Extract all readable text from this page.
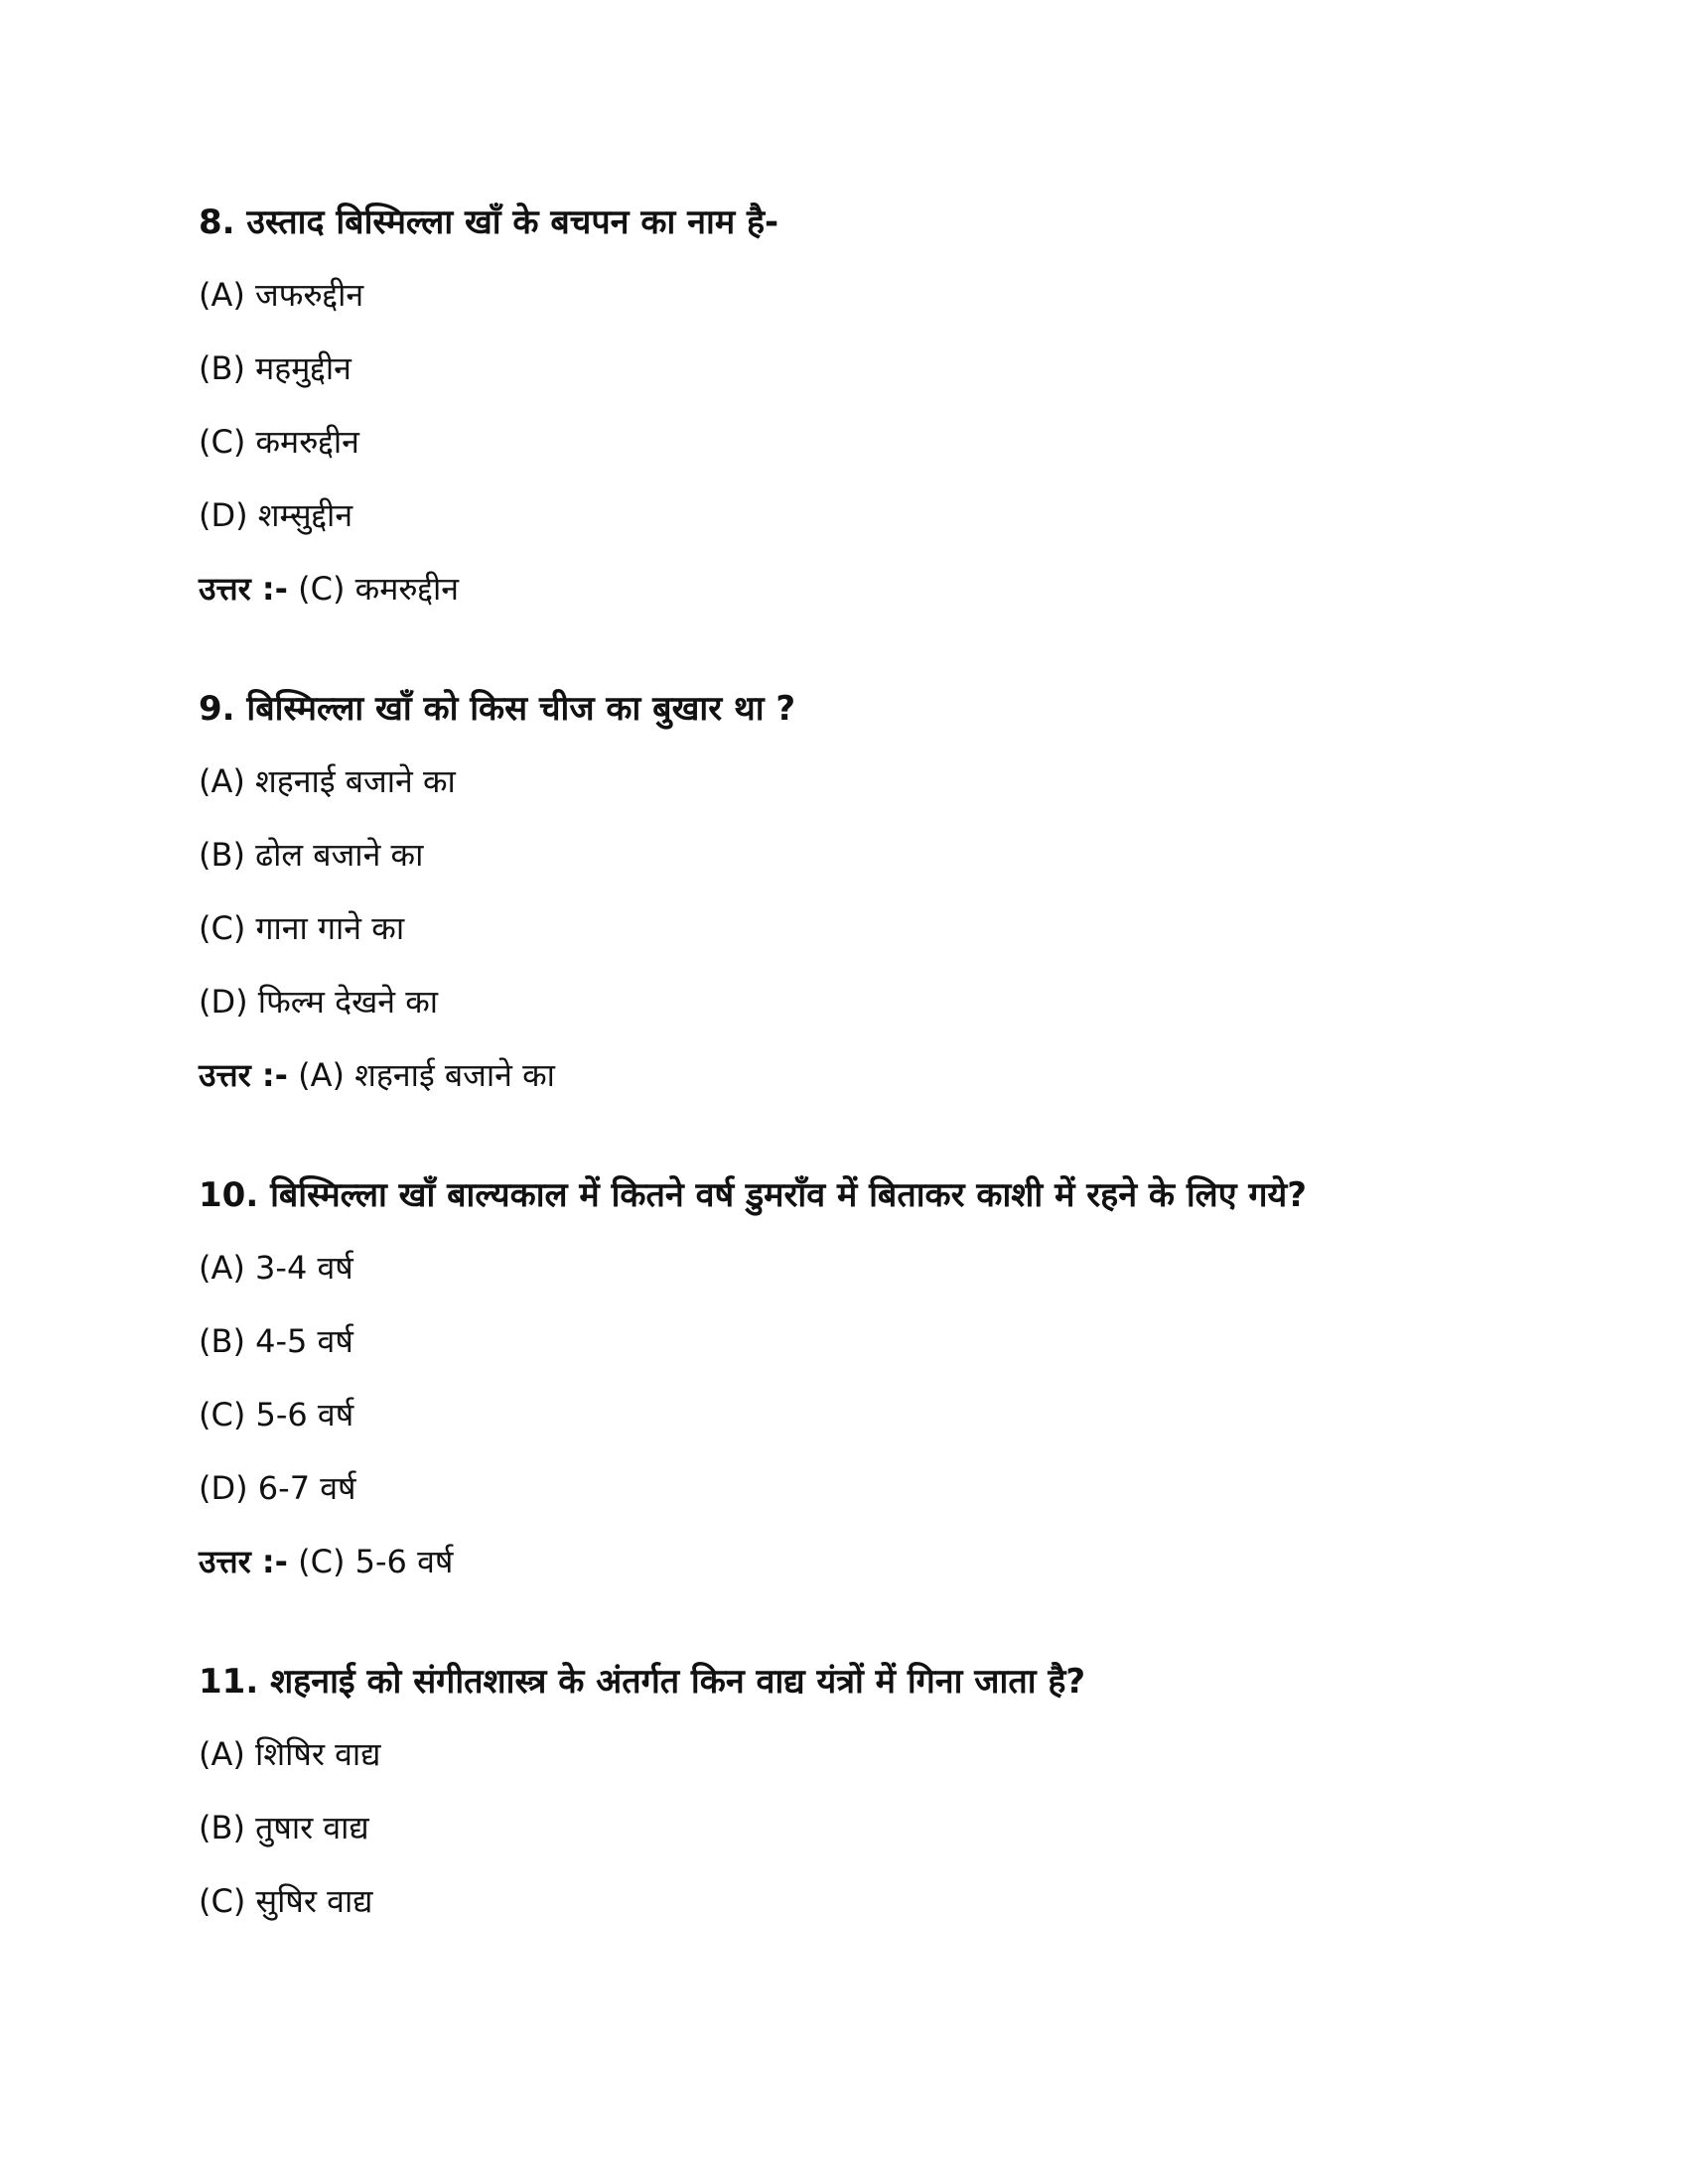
8. उस्ताद बिस्मिल्ला खाँ के बचपन का नाम है-
(A) जफरुद्दीन
(B) महमुद्दीन
(C) कमरुद्दीन
(D) शम्सुद्दीन
उत्तर :- (C) कमरुद्दीन
9. बिस्मिल्ला खाँ को किस चीज का बुखार था ?
(A) शहनाई बजाने का
(B) ढोल बजाने का
(C) गाना गाने का
(D) फिल्म देखने का
उत्तर :- (A) शहनाई बजाने का
10. बिस्मिल्ला खाँ बाल्यकाल में कितने वर्ष डुमराँव में बिताकर काशी में रहने के लिए गये?
(A) 3-4 वर्ष
(B) 4-5 वर्ष
(C) 5-6 वर्ष
(D) 6-7 वर्ष
उत्तर :- (C) 5-6 वर्ष
11. शहनाई को संगीतशास्त्र के अंतर्गत किन वाद्य यंत्रों में गिना जाता है?
(A) शिषिर वाद्य
(B) तुषार वाद्य
(C) सुषिर वाद्य
